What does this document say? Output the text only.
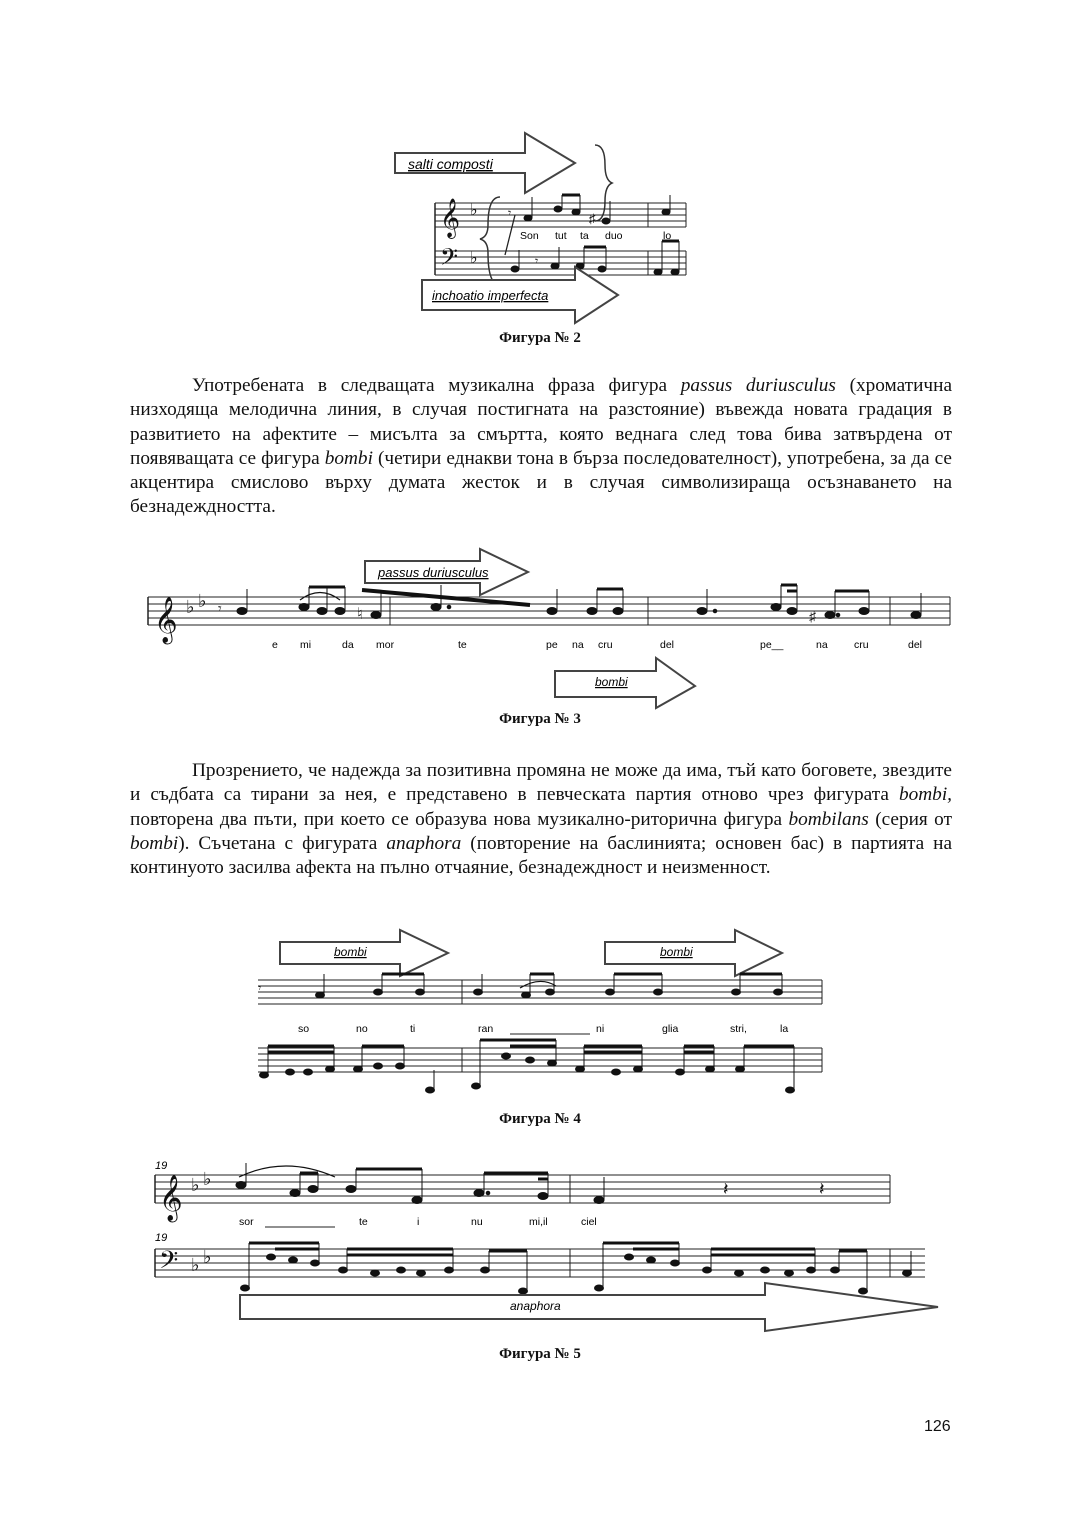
salti composti
𝄞 ♭
𝄢 ♭
𝄾	♯
Son tut ta duo	lo
𝄾
inchoatio imperfecta
Фигура № 2

Употребената в следващата музикална фраза фигура passus duriusculus (хроматична низходяща мелодична линия, в случая постигната на разстояние) въвежда новата градация в развитието на афектите – мисълта за смъртта, която веднага след това бива затвърдена от появяващата се фигура bombi (четири еднакви тона в бърза последователност), употребена, за да се акцентира смислово върху думата жесток и в случая символизираща осъзнаването на безнадеждността.

passus duriusculus
𝄞 ♭ ♭ 𝄾	♮	♯
e mi	da mor	te	pe na cru	del	pe__	na	cru	del
bombi
Фигура № 3

Прозрението, че надежда за позитивна промяна не може да има, тъй като боговете, звездите и съдбата са тирани за нея, е представено в певческата партия отново чрез фигурата bombi, повторена два пъти, при което се образува нова музикално-риторична фигура bombilans (серия от bombi). Съчетана с фигурата anaphora (повторение на баслинията; основен бас) в партията на континуото засилва афекта на пълно отчаяние, безнадеждност и неизменност.

bombi	bombi
𝄾
so	no	ti	ran	ni	glia	stri,	la
Фигура № 4
19
19
𝄞 ♭ ♭
𝄢 ♭ ♭
𝄽	𝄽
sor	te	i	nu	mi,il	ciel
anaphora
Фигура № 5
126
